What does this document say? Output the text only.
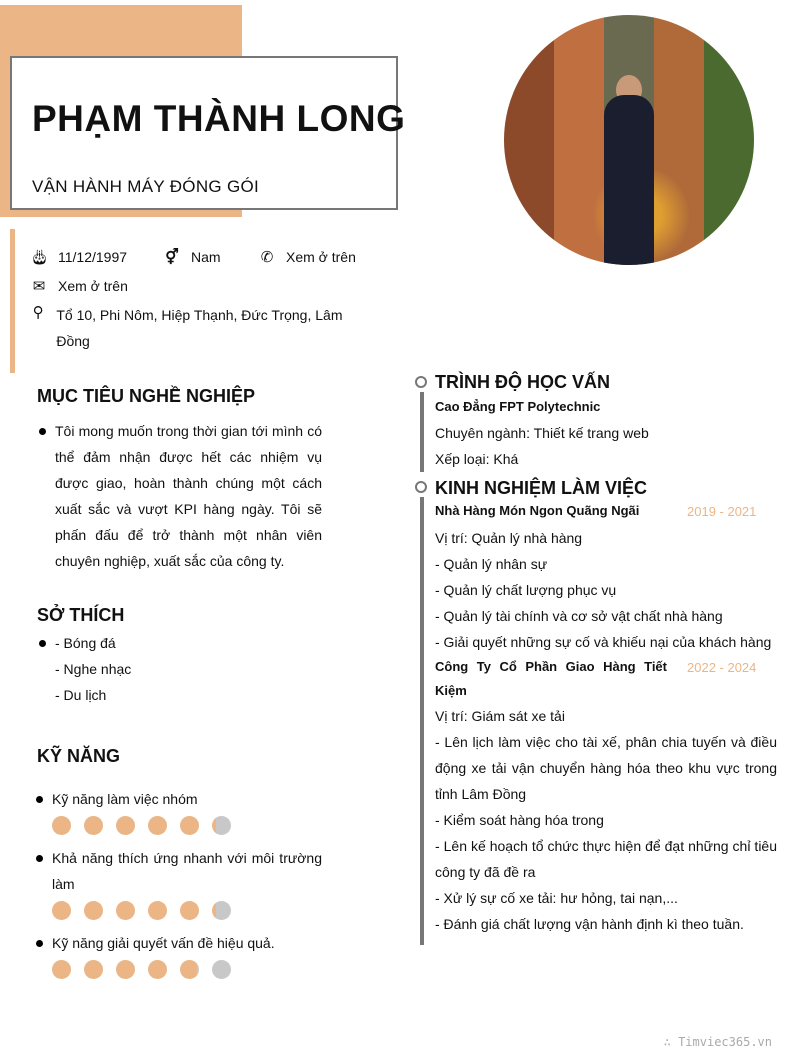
PHẠM THÀNH LONG
VẬN HÀNH MÁY ĐÓNG GÓI
🎂︎ 11/12/1997	⚥ Nam	✆ Xem ở trên
✉ Xem ở trên
⚲ Tổ 10, Phi Nôm, Hiệp Thạnh, Đức Trọng, Lâm Đồng
MỤC TIÊU NGHỀ NGHIỆP
Tôi mong muốn trong thời gian tới mình có thể đảm nhận được hết các nhiệm vụ được giao, hoàn thành chúng một cách xuất sắc và vượt KPI hàng ngày. Tôi sẽ phấn đấu để trở thành một nhân viên chuyên nghiệp, xuất sắc của công ty.
SỞ THÍCH
- Bóng đá
- Nghe nhạc
- Du lịch
KỸ NĂNG
Kỹ năng làm việc nhóm
Khả năng thích ứng nhanh với môi trường làm
Kỹ năng giải quyết vấn đề hiệu quả.
TRÌNH ĐỘ HỌC VẤN
Cao Đẳng FPT Polytechnic
Chuyên ngành: Thiết kế trang web
Xếp loại: Khá
KINH NGHIỆM LÀM VIỆC
Nhà Hàng Món Ngon Quãng Ngãi	2019 - 2021
Vị trí: Quản lý nhà hàng
- Quản lý nhân sự
- Quản lý chất lượng phục vụ
- Quản lý tài chính và cơ sở vật chất nhà hàng
- Giải quyết những sự cố và khiếu nại của khách hàng
Công Ty Cổ Phần Giao Hàng Tiết Kiệm
2022 - 2024
Vị trí: Giám sát xe tải
- Lên lịch làm việc cho tài xế, phân chia tuyến và điều động xe tải vận chuyển hàng hóa theo khu vực trong tỉnh Lâm Đồng
- Kiểm soát hàng hóa trong
- Lên kế hoạch tổ chức thực hiện để đạt những chỉ tiêu công ty đã đề ra
- Xử lý sự cố xe tải: hư hỏng, tai nạn,...
- Đánh giá chất lượng vận hành định kì theo tuần.
∴ Timviec365.vn
